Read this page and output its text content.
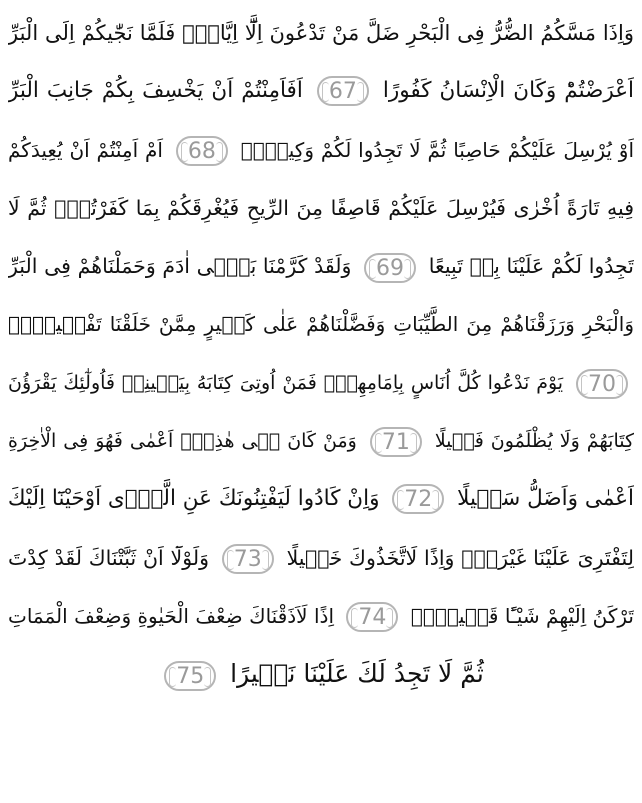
وَاِذَا مَسَّكُمُ الضُّرُّ فِى الْبَحْرِ ضَلَّ مَنْ تَدْعُونَ اِلَّٓا اِيَّاهُۚ فَلَمَّا نَجّٰيكُمْ اِلَى الْبَرِّ
اَعْرَضْتُمْؕ وَكَانَ الْاِنْسَانُ كَفُورًا 67 اَفَاَمِنْتُمْ اَنْ يَخْسِفَ بِكُمْ جَانِبَ الْبَرِّ
اَوْ يُرْسِلَ عَلَيْكُمْ حَاصِبًا ثُمَّ لَا تَجِدُوا لَكُمْ وَكِيلًاۙ 68 اَمْ اَمِنْتُمْ اَنْ يُعِيدَكُمْ
فِيهِ تَارَةً اُخْرٰى فَيُرْسِلَ عَلَيْكُمْ قَاصِفًا مِنَ الرِّيحِ فَيُغْرِقَكُمْ بِمَا كَفَرْتُمْۙ ثُمَّ لَا
تَجِدُوا لَكُمْ عَلَيْنَا بِهٖ تَبِيعًا 69 وَلَقَدْ كَرَّمْنَا بَنٖٓى اٰدَمَ وَحَمَلْنَاهُمْ فِى الْبَرِّ
وَالْبَحْرِ وَرَزَقْنَاهُمْ مِنَ الطَّيِّبَاتِ وَفَضَّلْنَاهُمْ عَلٰى كَثٖيرٍ مِمَّنْ خَلَقْنَا تَفْضٖيلًاۚ
70 يَوْمَ نَدْعُوا كُلَّ اُنَاسٍ بِاِمَامِهِمْۚ فَمَنْ اُوتِىَ كِتَابَهُ بِيَمٖينِهٖ فَاُولٰٓئِكَ يَقْرَؤُنَ
كِتَابَهُمْ وَلَا يُظْلَمُونَ فَتٖيلًا 71 وَمَنْ كَانَ فٖى هٰذِهٖٓ اَعْمٰى فَهُوَ فِى الْاٰخِرَةِ
اَعْمٰى وَاَضَلُّ سَبٖيلًا 72 وَاِنْ كَادُوا لَيَفْتِنُونَكَ عَنِ الَّذٖٓى اَوْحَيْنَٓا اِلَيْكَ
لِتَفْتَرِىَ عَلَيْنَا غَيْرَهُۗ وَاِذًا لَاتَّخَذُوكَ خَلٖيلًا 73 وَلَوْلَٓا اَنْ ثَبَّتْنَاكَ لَقَدْ كِدْتَ
تَرْكَنُ اِلَيْهِمْ شَيْـًٔا قَلٖيلًاۗ 74 اِذًا لَاَذَقْنَاكَ ضِعْفَ الْحَيٰوةِ وَضِعْفَ الْمَمَاتِ
ثُمَّ لَا تَجِدُ لَكَ عَلَيْنَا نَصٖيرًا 75
